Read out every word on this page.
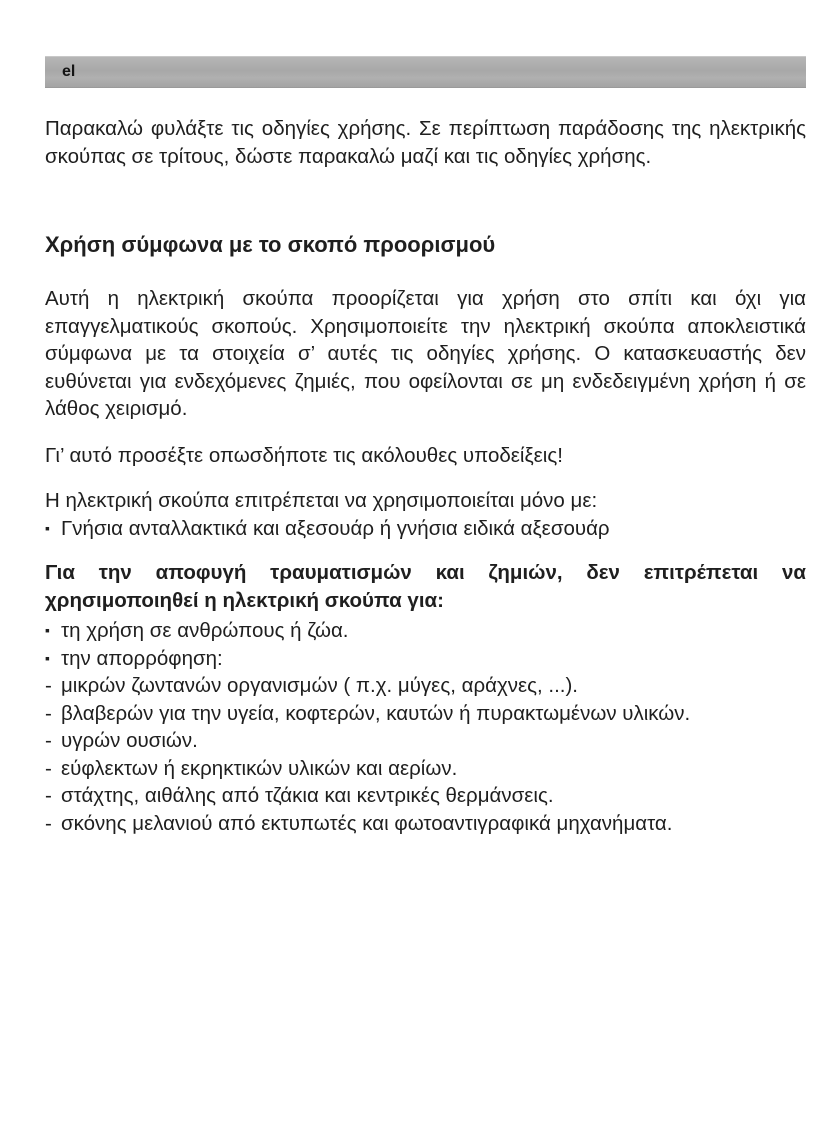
el

Παρακαλώ φυλάξτε τις οδηγίες χρήσης. Σε περίπτωση παράδοσης της ηλεκτρικής σκούπας σε τρίτους, δώστε παρακαλώ μαζί και τις οδηγίες χρήσης.

Χρήση σύμφωνα με το σκοπό προορισμού

Αυτή η ηλεκτρική σκούπα προορίζεται για χρήση στο σπίτι και όχι για επαγγελματικούς σκοπούς. Χρησιμοποιείτε την ηλεκτρική σκούπα αποκλειστικά σύμφωνα με τα στοιχεία σ’ αυτές τις οδηγίες χρήσης. Ο κατασκευαστής δεν ευθύνεται για ενδεχόμενες ζημιές, που οφείλονται σε μη ενδεδειγμένη χρήση ή σε λάθος χειρισμό.

Γι’ αυτό προσέξτε οπωσδήποτε τις ακόλουθες υποδείξεις!

Η ηλεκτρική σκούπα επιτρέπεται να χρησιμοποιείται μόνο με:

▪ Γνήσια ανταλλακτικά και αξεσουάρ ή γνήσια ειδικά αξεσουάρ

Για την αποφυγή τραυματισμών και ζημιών, δεν επιτρέπεται να χρησιμοποιηθεί η ηλεκτρική σκούπα για:

▪ τη χρήση σε ανθρώπους ή ζώα.
▪ την απορρόφηση:
- μικρών ζωντανών οργανισμών ( π.χ. μύγες, αράχνες, ...).
- βλαβερών για την υγεία, κοφτερών, καυτών ή πυρακτωμένων υλικών.
- υγρών ουσιών.
- εύφλεκτων ή εκρηκτικών υλικών και αερίων.
- στάχτης, αιθάλης από τζάκια και κεντρικές θερμάνσεις.
- σκόνης μελανιού από εκτυπωτές και φωτοαντιγραφικά μηχανήματα.
